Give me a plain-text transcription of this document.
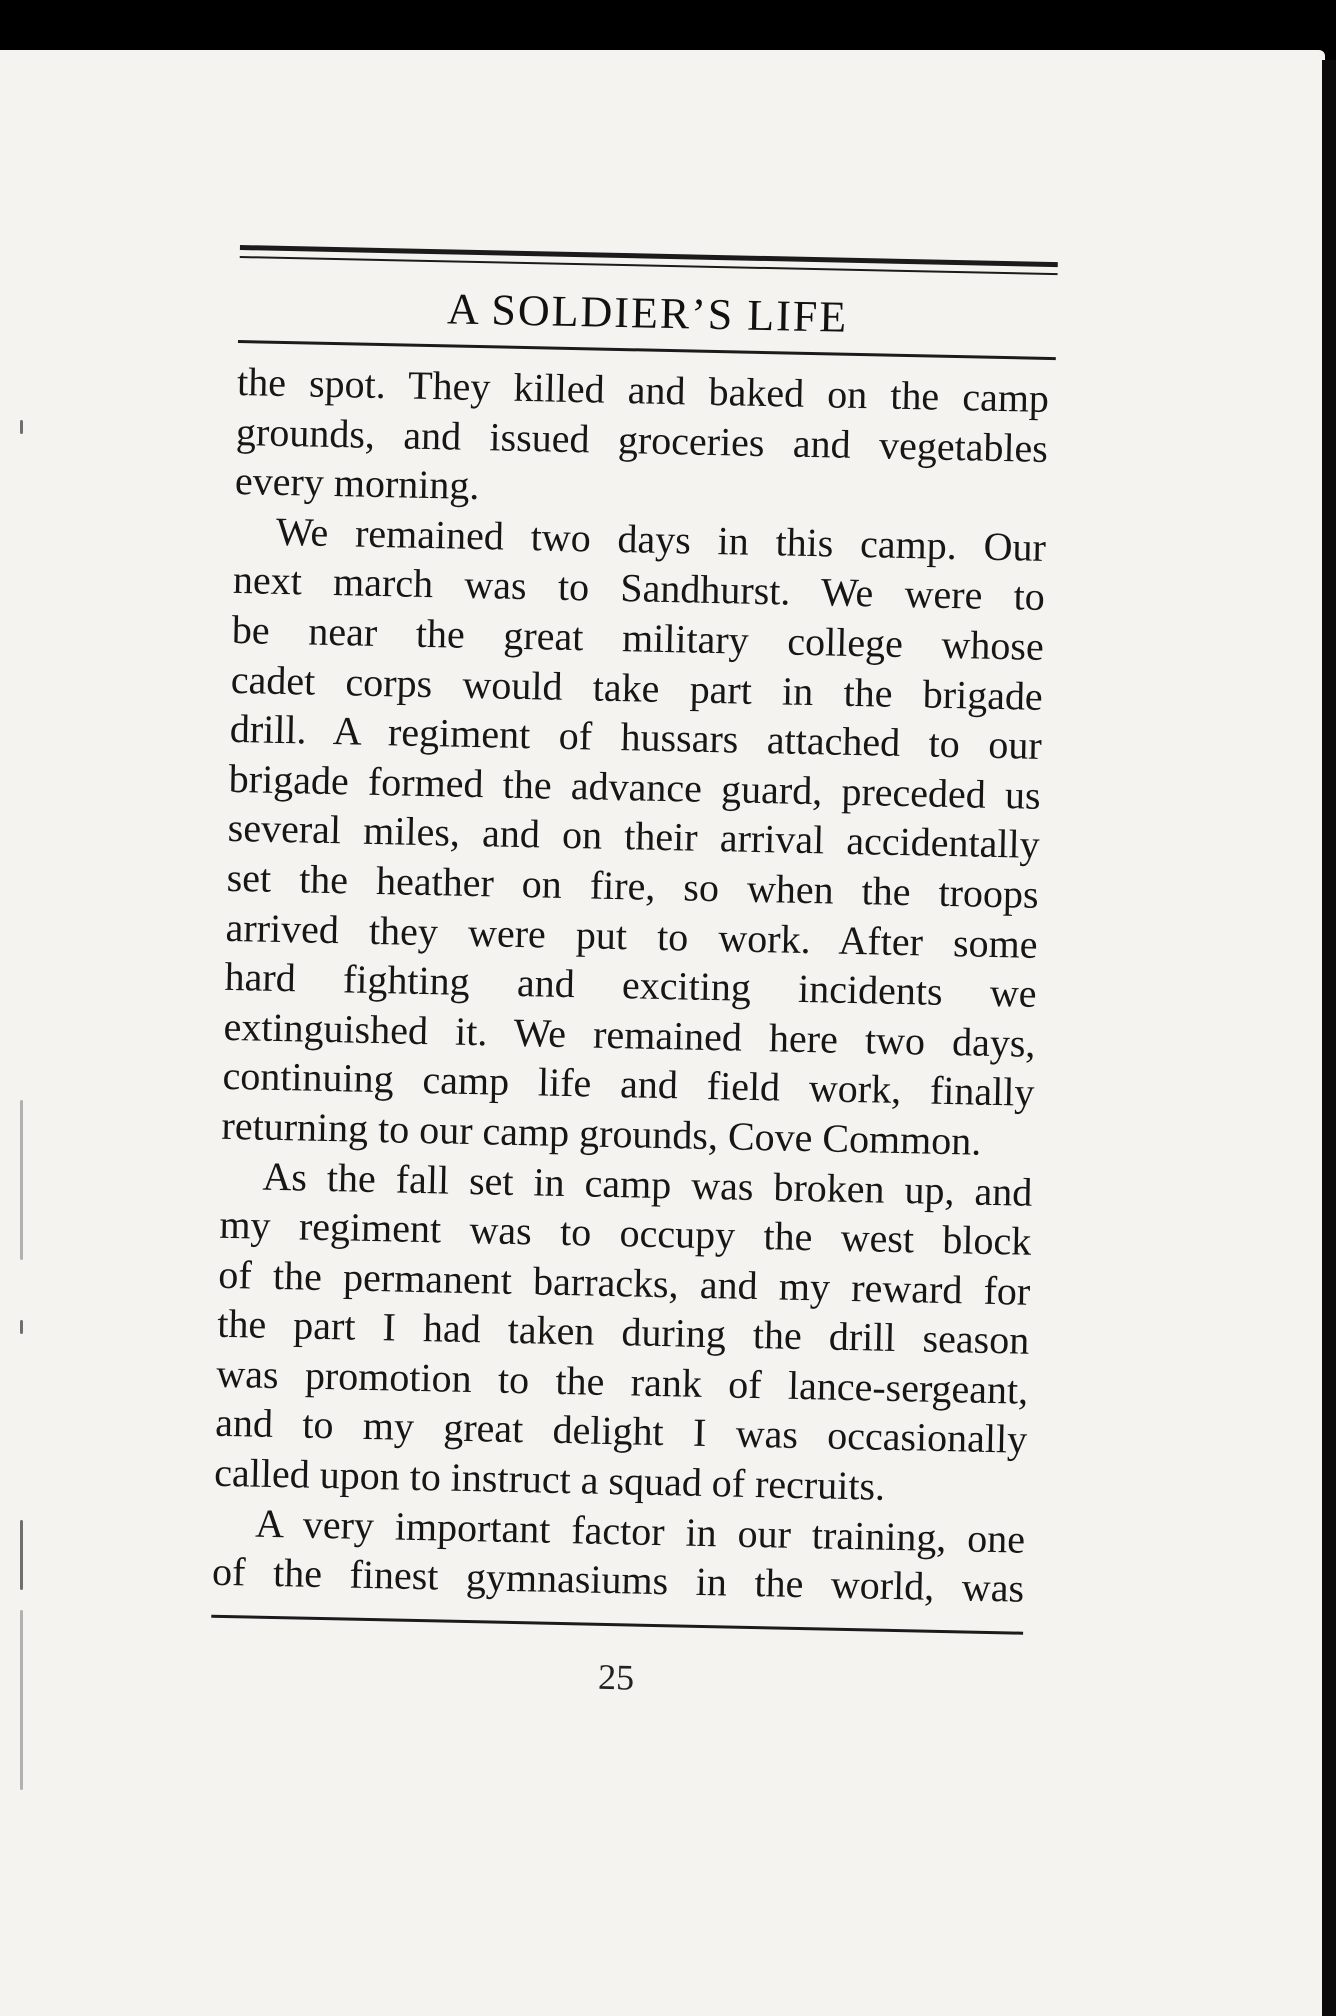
A SOLDIER’S LIFE

the spot. They killed and baked on the camp
grounds, and issued groceries and vegetables
every morning.

We remained two days in this camp. Our
next march was to Sandhurst. We were to
be near the great military college whose
cadet corps would take part in the brigade
drill. A regiment of hussars attached to our
brigade formed the advance guard, preceded us
several miles, and on their arrival accidentally
set the heather on fire, so when the troops
arrived they were put to work. After some
hard fighting and exciting incidents we
extinguished it. We remained here two days,
continuing camp life and field work, finally
returning to our camp grounds, Cove Common.

As the fall set in camp was broken up, and
my regiment was to occupy the west block
of the permanent barracks, and my reward for
the part I had taken during the drill season
was promotion to the rank of lance-sergeant,
and to my great delight I was occasionally
called upon to instruct a squad of recruits.

A very important factor in our training, one
of the finest gymnasiums in the world, was

25
